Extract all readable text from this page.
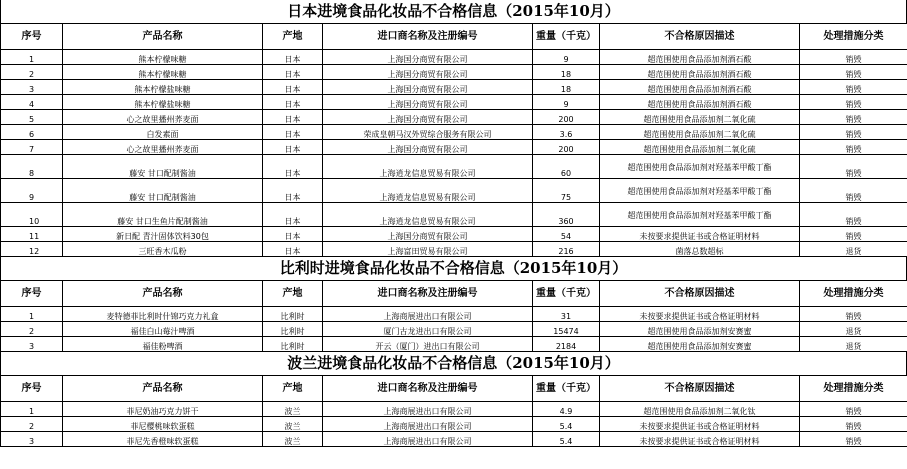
日本进境食品化妆品不合格信息（2015年10月）
序号	产品名称	产地	进口商名称及注册编号	重量（千克）	不合格原因描述	处理措施分类
1	熊本柠檬味糖	日本	上海国分商贸有限公司	9	超范围使用食品添加剂酒石酸	销毁
2	熊本柠檬味糖	日本	上海国分商贸有限公司	18	超范围使用食品添加剂酒石酸	销毁
3	熊本柠檬盐味糖	日本	上海国分商贸有限公司	18	超范围使用食品添加剂酒石酸	销毁
4	熊本柠檬盐味糖	日本	上海国分商贸有限公司	9	超范围使用食品添加剂酒石酸	销毁
5	心之故里播州荞麦面	日本	上海国分商贸有限公司	200	超范围使用食品添加剂二氧化硫	销毁
6	白发素面	日本	荣成皇朝马汉外贸综合服务有限公司	3.6	超范围使用食品添加剂二氧化硫	销毁
7	心之故里播州荞麦面	日本	上海国分商贸有限公司	200	超范围使用食品添加剂二氧化硫	销毁
8	藤安 甘口配制酱油	日本	上海逍龙信息贸易有限公司	60	超范围使用食品添加剂对羟基苯甲酸丁酯	销毁
9	藤安 甘口配制酱油	日本	上海逍龙信息贸易有限公司	75	超范围使用食品添加剂对羟基苯甲酸丁酯	销毁
10	藤安 甘口生鱼片配制酱油	日本	上海逍龙信息贸易有限公司	360	超范围使用食品添加剂对羟基苯甲酸丁酯	销毁
11	新日配 青汁固体饮料30包	日本	上海国分商贸有限公司	54	未按要求提供证书或合格证明材料	销毁
12	三旺香木瓜粉	日本	上海富田贸易有限公司	216	菌落总数超标	退货
比利时进境食品化妆品不合格信息（2015年10月）
序号	产品名称	产地	进口商名称及注册编号	重量（千克）	不合格原因描述	处理措施分类
1	麦特德菲比利时什锦巧克力礼盒	比利时	上海商展进出口有限公司	31	未按要求提供证书或合格证明材料	销毁
2	福佳白山莓汁啤酒	比利时	厦门古龙进出口有限公司	15474	超范围使用食品添加剂安赛蜜	退货
3	福佳粉啤酒	比利时	开云（厦门）进出口有限公司	2184	超范围使用食品添加剂安赛蜜	退货
波兰进境食品化妆品不合格信息（2015年10月）
序号	产品名称	产地	进口商名称及注册编号	重量（千克）	不合格原因描述	处理措施分类
1	菲尼奶油巧克力饼干	波兰	上海商展进出口有限公司	4.9	超范围使用食品添加剂二氧化钛	销毁
2	菲尼樱桃味软蛋糕	波兰	上海商展进出口有限公司	5.4	未按要求提供证书或合格证明材料	销毁
3	菲尼先香橙味软蛋糕	波兰	上海商展进出口有限公司	5.4	未按要求提供证书或合格证明材料	销毁
